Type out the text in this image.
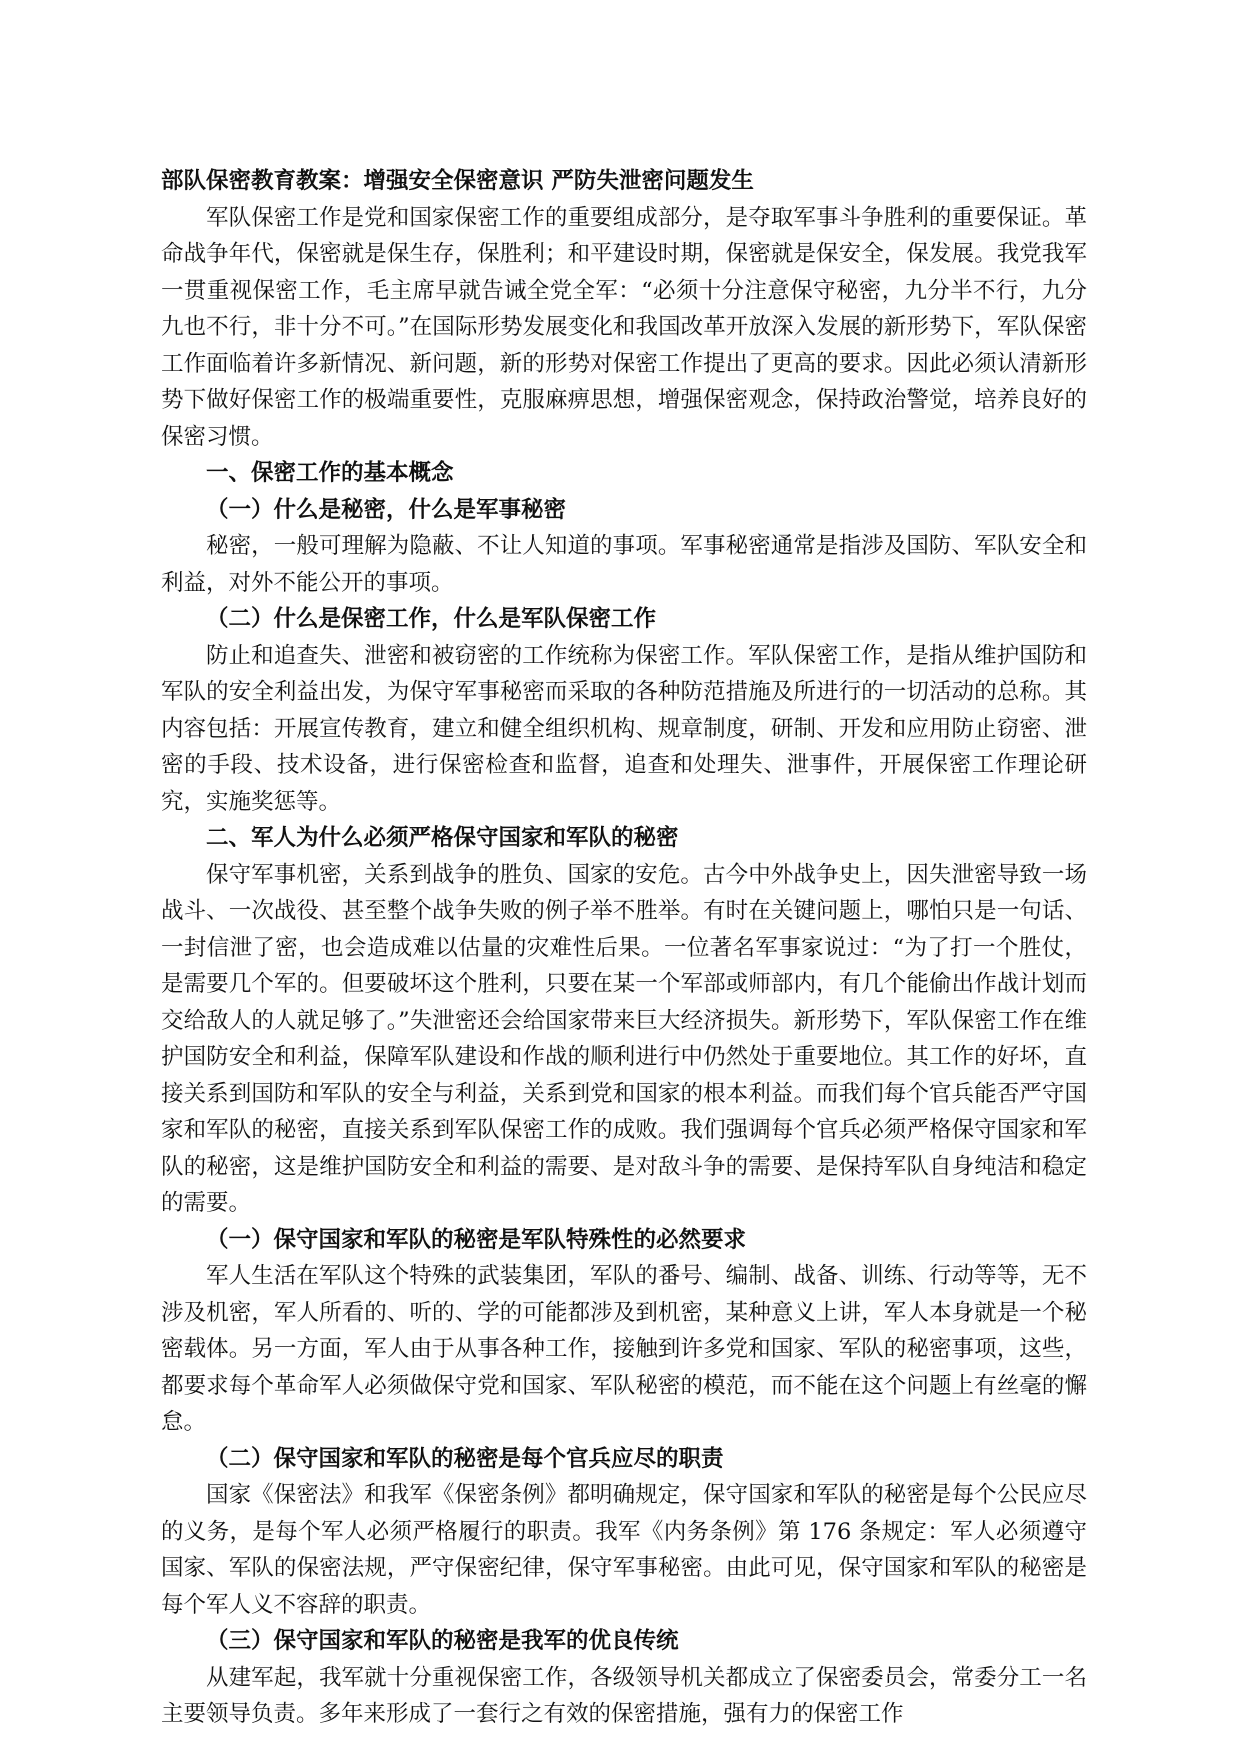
部队保密教育教案：增强安全保密意识 严防失泄密问题发生

军队保密工作是党和国家保密工作的重要组成部分，是夺取军事斗争胜利的重要保证。革命战争年代，保密就是保生存，保胜利；和平建设时期，保密就是保安全，保发展。我党我军一贯重视保密工作，毛主席早就告诫全党全军：“必须十分注意保守秘密，九分半不行，九分九也不行，非十分不可。”在国际形势发展变化和我国改革开放深入发展的新形势下，军队保密工作面临着许多新情况、新问题，新的形势对保密工作提出了更高的要求。因此必须认清新形势下做好保密工作的极端重要性，克服麻痹思想，增强保密观念，保持政治警觉，培养良好的保密习惯。

一、保密工作的基本概念

（一）什么是秘密，什么是军事秘密

秘密，一般可理解为隐蔽、不让人知道的事项。军事秘密通常是指涉及国防、军队安全和利益，对外不能公开的事项。

（二）什么是保密工作，什么是军队保密工作

防止和追查失、泄密和被窃密的工作统称为保密工作。军队保密工作，是指从维护国防和军队的安全利益出发，为保守军事秘密而采取的各种防范措施及所进行的一切活动的总称。其内容包括：开展宣传教育，建立和健全组织机构、规章制度，研制、开发和应用防止窃密、泄密的手段、技术设备，进行保密检查和监督，追查和处理失、泄事件，开展保密工作理论研究，实施奖惩等。

二、军人为什么必须严格保守国家和军队的秘密

保守军事机密，关系到战争的胜负、国家的安危。古今中外战争史上，因失泄密导致一场战斗、一次战役、甚至整个战争失败的例子举不胜举。有时在关键问题上，哪怕只是一句话、一封信泄了密，也会造成难以估量的灾难性后果。一位著名军事家说过：“为了打一个胜仗，是需要几个军的。但要破坏这个胜利，只要在某一个军部或师部内，有几个能偷出作战计划而交给敌人的人就足够了。”失泄密还会给国家带来巨大经济损失。新形势下，军队保密工作在维护国防安全和利益，保障军队建设和作战的顺利进行中仍然处于重要地位。其工作的好坏，直接关系到国防和军队的安全与利益，关系到党和国家的根本利益。而我们每个官兵能否严守国家和军队的秘密，直接关系到军队保密工作的成败。我们强调每个官兵必须严格保守国家和军队的秘密，这是维护国防安全和利益的需要、是对敌斗争的需要、是保持军队自身纯洁和稳定的需要。

（一）保守国家和军队的秘密是军队特殊性的必然要求

军人生活在军队这个特殊的武装集团，军队的番号、编制、战备、训练、行动等等，无不涉及机密，军人所看的、听的、学的可能都涉及到机密，某种意义上讲，军人本身就是一个秘密载体。另一方面，军人由于从事各种工作，接触到许多党和国家、军队的秘密事项，这些，都要求每个革命军人必须做保守党和国家、军队秘密的模范，而不能在这个问题上有丝毫的懈怠。

（二）保守国家和军队的秘密是每个官兵应尽的职责

国家《保密法》和我军《保密条例》都明确规定，保守国家和军队的秘密是每个公民应尽的义务，是每个军人必须严格履行的职责。我军《内务条例》第 176 条规定：军人必须遵守国家、军队的保密法规，严守保密纪律，保守军事秘密。由此可见，保守国家和军队的秘密是每个军人义不容辞的职责。

（三）保守国家和军队的秘密是我军的优良传统

从建军起，我军就十分重视保密工作，各级领导机关都成立了保密委员会，常委分工一名主要领导负责。多年来形成了一套行之有效的保密措施，强有力的保密工作
